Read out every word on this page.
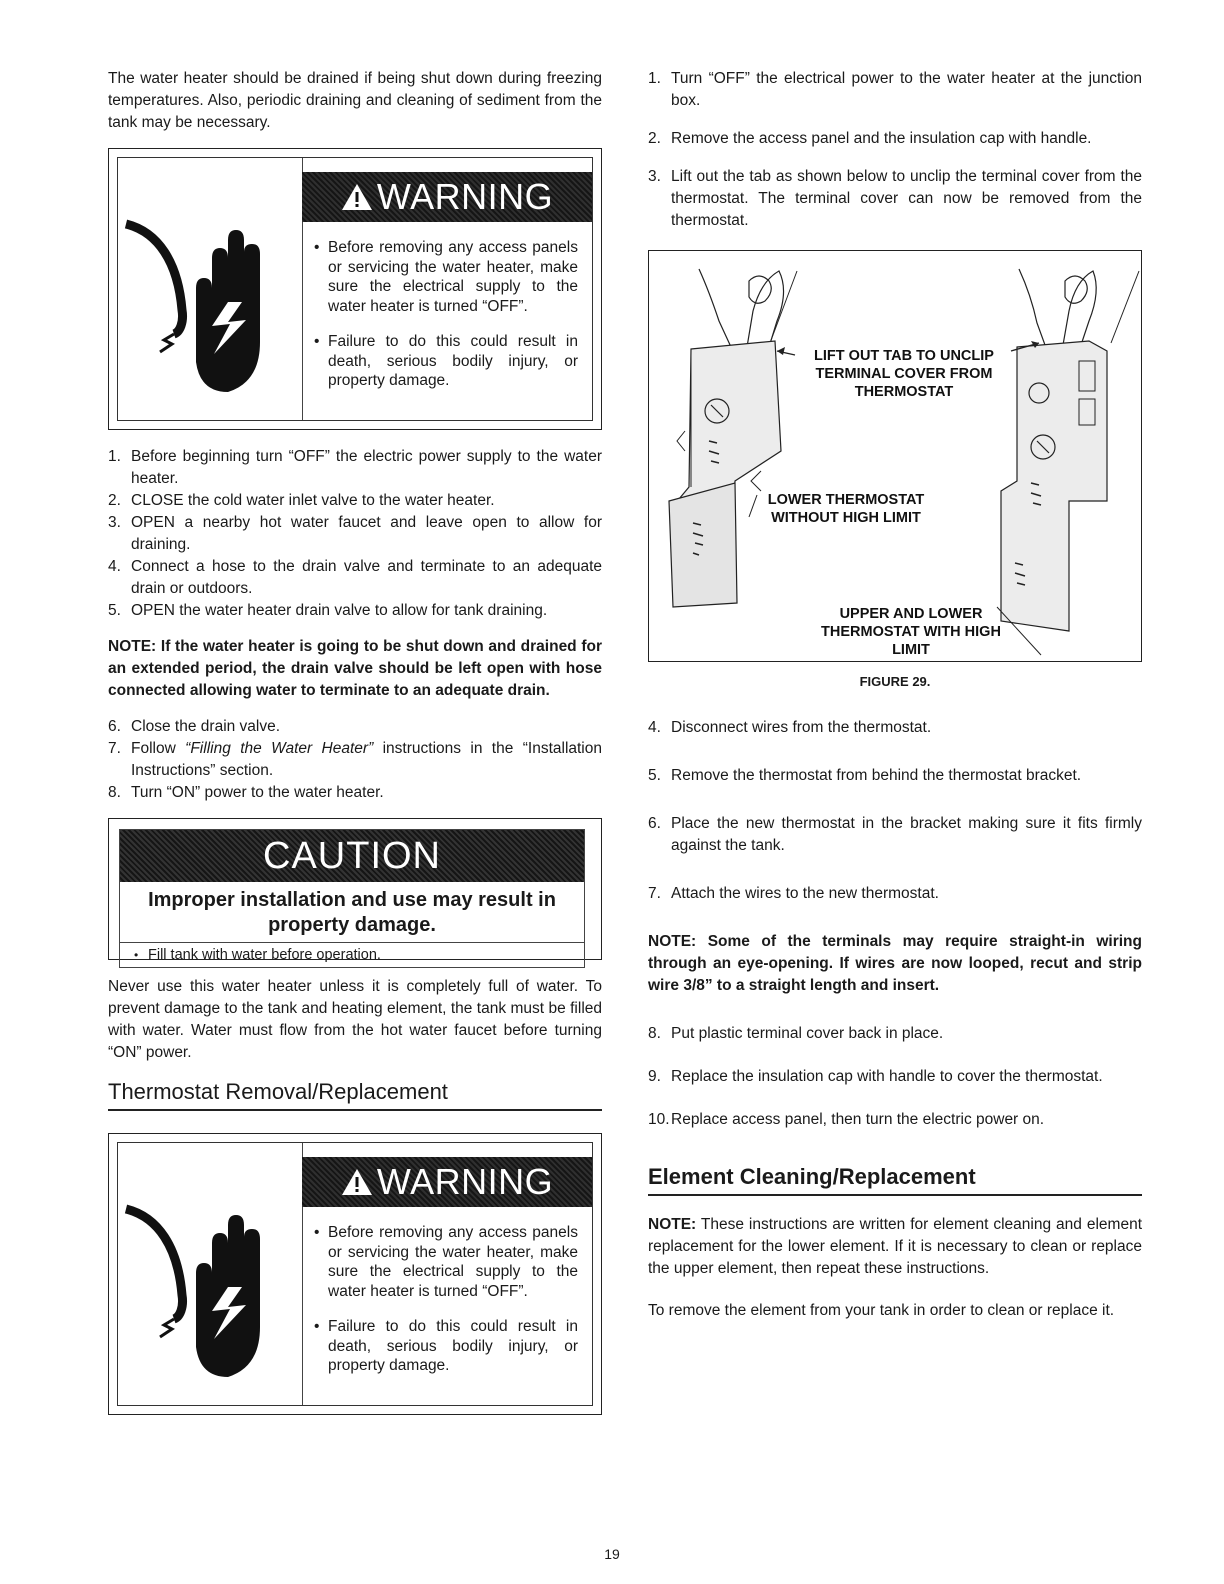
The water heater should be drained if being shut down during freezing temperatures. Also, periodic draining and cleaning of sediment from the tank may be necessary.

WARNING
• Before removing any access panels or servicing the water heater, make sure the electrical supply to the water heater is turned “OFF”.
• Failure to do this could result in death, serious bodily injury, or property damage.
1. Before beginning turn “OFF” the electric power supply to the water heater.
2. CLOSE the cold water inlet valve to the water heater.
3. OPEN a nearby hot water faucet and leave open to allow for draining.
4. Connect a hose to the drain valve and terminate to an adequate drain or outdoors.
5. OPEN the water heater drain valve to allow for tank draining.

NOTE: If the water heater is going to be shut down and drained for an extended period, the drain valve should be left open with hose connected allowing water to terminate to an adequate drain.

6. Close the drain valve.
7. Follow “Filling the Water Heater” instructions in the “Installation Instructions” section.
8. Turn “ON” power to the water heater.
CAUTION
Improper installation and use may result in property damage.
• Fill tank with water before operation.

Never use this water heater unless it is completely full of water. To prevent damage to the tank and heating element, the tank must be filled with water. Water must flow from the hot water faucet before turning “ON” power.

Thermostat Removal/Replacement
WARNING
• Before removing any access panels or servicing the water heater, make sure the electrical supply to the water heater is turned “OFF”.
• Failure to do this could result in death, serious bodily injury, or property damage.
1. Turn “OFF” the electrical power to the water heater at the junction box.
2. Remove the access panel and the insulation cap with handle.
3. Lift out the tab as shown below to unclip the terminal cover from the thermostat. The terminal cover can now be removed from the thermostat.
LIFT OUT TAB TO UNCLIP TERMINAL COVER FROM THERMOSTAT
LOWER THERMOSTAT WITHOUT HIGH LIMIT
UPPER AND LOWER THERMOSTAT WITH HIGH LIMIT
FIGURE 29.
4. Disconnect wires from the thermostat.
5. Remove the thermostat from behind the thermostat bracket.
6. Place the new thermostat in the bracket making sure it fits firmly against the tank.
7. Attach the wires to the new thermostat.

NOTE: Some of the terminals may require straight-in wiring through an eye-opening. If wires are now looped, recut and strip wire 3/8” to a straight length and insert.

8. Put plastic terminal cover back in place.
9. Replace the insulation cap with handle to cover the thermostat.
10. Replace access panel, then turn the electric power on.
Element Cleaning/Replacement

NOTE: These instructions are written for element cleaning and element replacement for the lower element. If it is necessary to clean or replace the upper element, then repeat these instructions.

To remove the element from your tank in order to clean or replace it.

19
